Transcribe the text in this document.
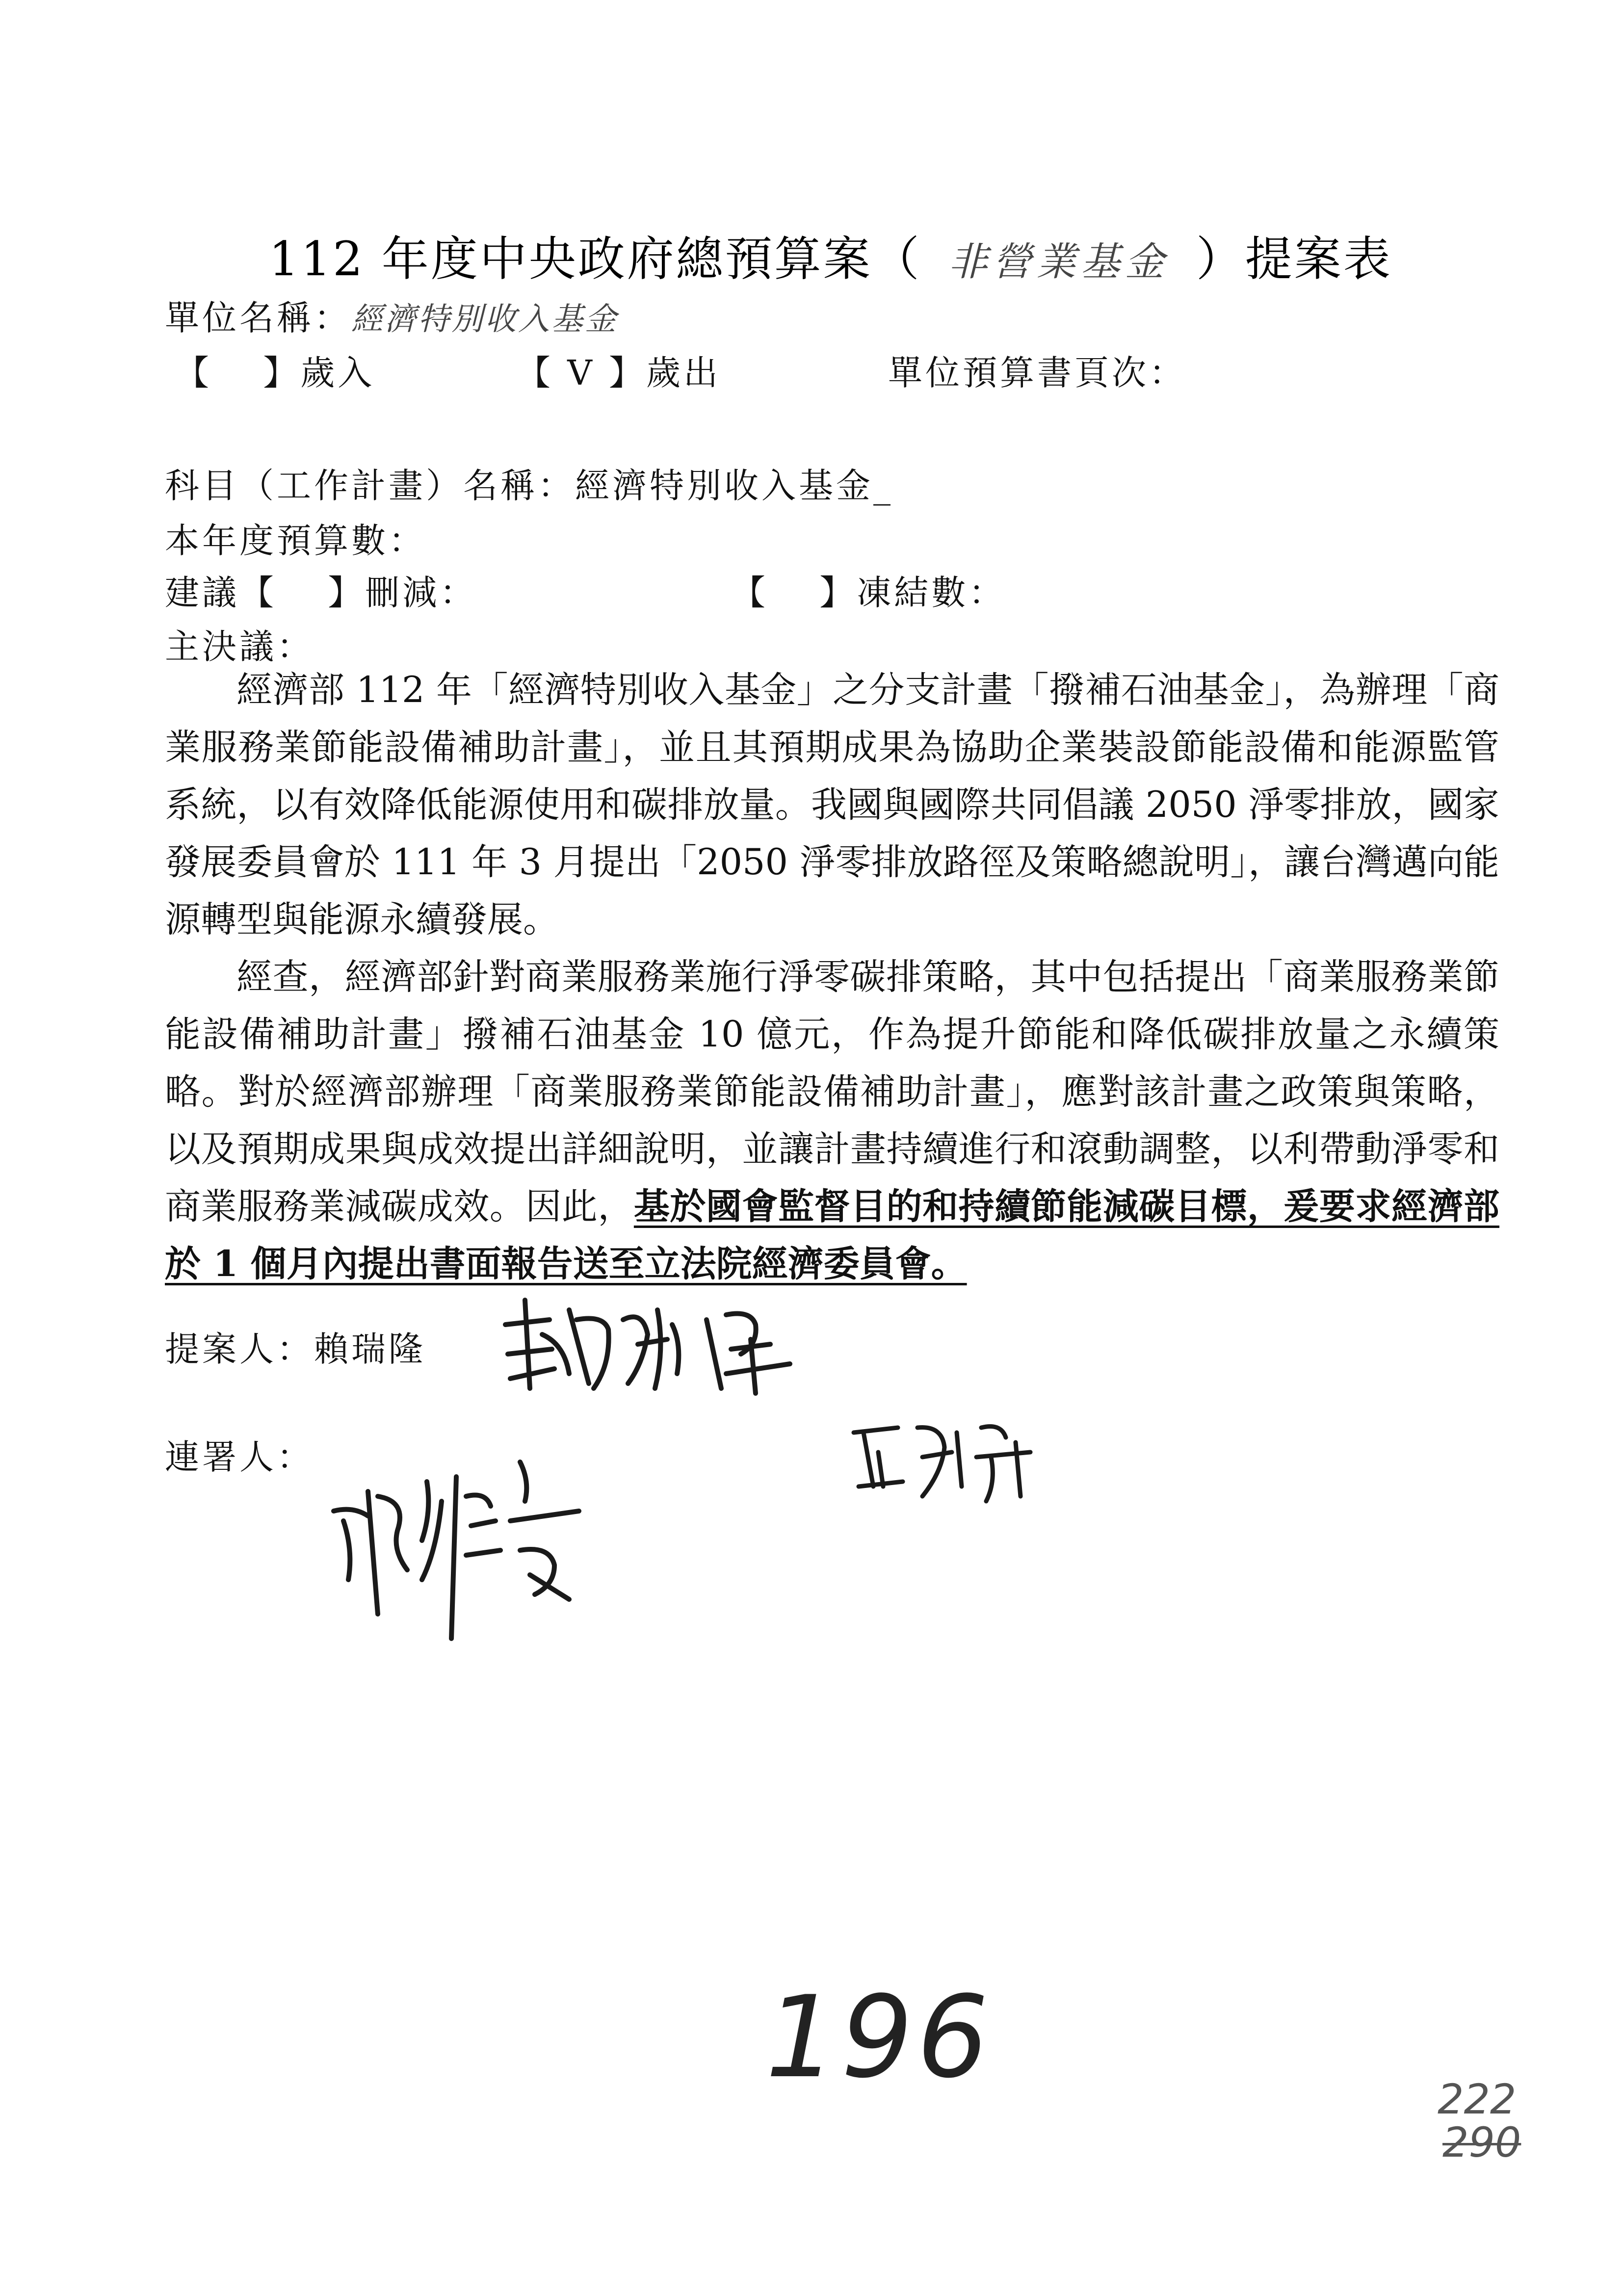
112 年度中央政府總預算案（ 非營業基金 ）提案表
單位名稱：經濟特別收入基金
【　 】歲入	【 V 】歲出	單位預算書頁次：
科目（工作計畫）名稱：經濟特別收入基金_
本年度預算數：
建議【　 】刪減：	【　 】凍結數：
主決議：

經濟部 112 年「經濟特別收入基金」之分支計畫「撥補石油基金」，為辦理「商業服務業節能設備補助計畫」，並且其預期成果為協助企業裝設節能設備和能源監管系統，以有效降低能源使用和碳排放量。我國與國際共同倡議 2050 淨零排放，國家發展委員會於 111 年 3 月提出「2050 淨零排放路徑及策略總說明」，讓台灣邁向能源轉型與能源永續發展。

經查，經濟部針對商業服務業施行淨零碳排策略，其中包括提出「商業服務業節能設備補助計畫」撥補石油基金 10 億元，作為提升節能和降低碳排放量之永續策略。對於經濟部辦理「商業服務業節能設備補助計畫」，應對該計畫之政策與策略，以及預期成果與成效提出詳細說明，並讓計畫持續進行和滾動調整，以利帶動淨零和商業服務業減碳成效。因此，基於國會監督目的和持續節能減碳目標，爰要求經濟部於 1 個月內提出書面報告送至立法院經濟委員會。

提案人：賴瑞隆
連署人：
196	222
290
